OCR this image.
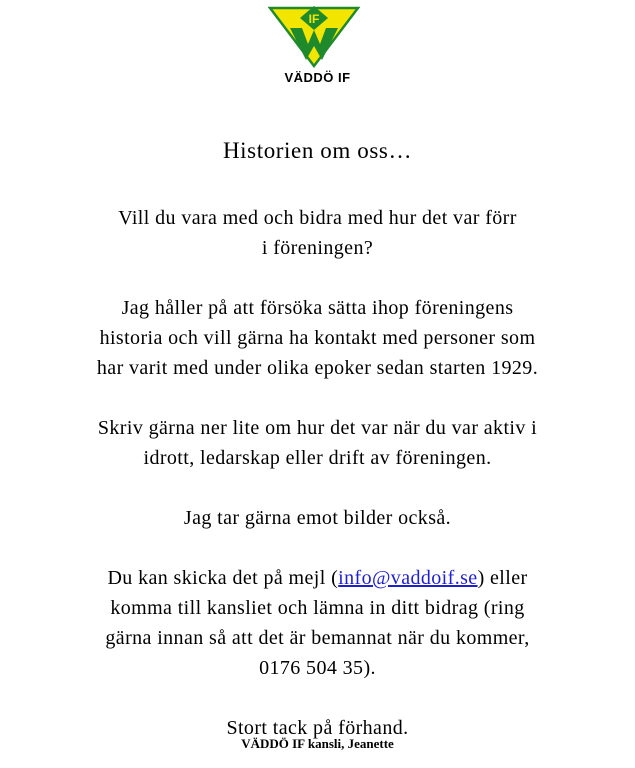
IF
VÄDDÖ IF
Historien om oss…

Vill du vara med och bidra med hur det var förr
i föreningen?

Jag håller på att försöka sätta ihop föreningens
historia och vill gärna ha kontakt med personer som
har varit med under olika epoker sedan starten 1929.

Skriv gärna ner lite om hur det var när du var aktiv i
idrott, ledarskap eller drift av föreningen.

Jag tar gärna emot bilder också.

Du kan skicka det på mejl (info@vaddoif.se) eller
komma till kansliet och lämna in ditt bidrag (ring
gärna innan så att det är bemannat när du kommer,
0176 504 35).

Stort tack på förhand.

VÄDDÖ IF kansli, Jeanette
